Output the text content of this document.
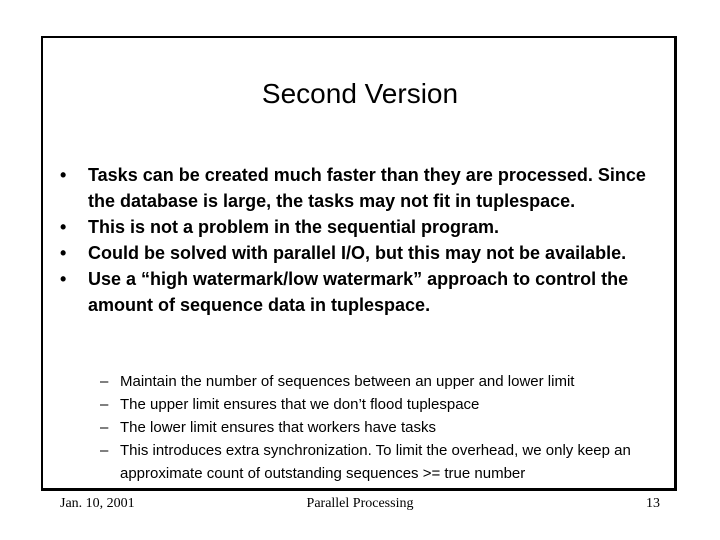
Second Version
• Tasks can be created much faster than they are processed. Since the database is large, the tasks may not fit in tuplespace.
• This is not a problem in the sequential program.
• Could be solved with parallel I/O, but this may not be available.
• Use a “high watermark/low watermark” approach to control the amount of sequence data in tuplespace.
– Maintain the number of sequences between an upper and lower limit
– The upper limit ensures that we don’t flood tuplespace
– The lower limit ensures that workers have tasks
– This introduces extra synchronization. To limit the overhead, we only keep an approximate count of outstanding sequences >= true number
Jan. 10, 2001	Parallel Processing	13
